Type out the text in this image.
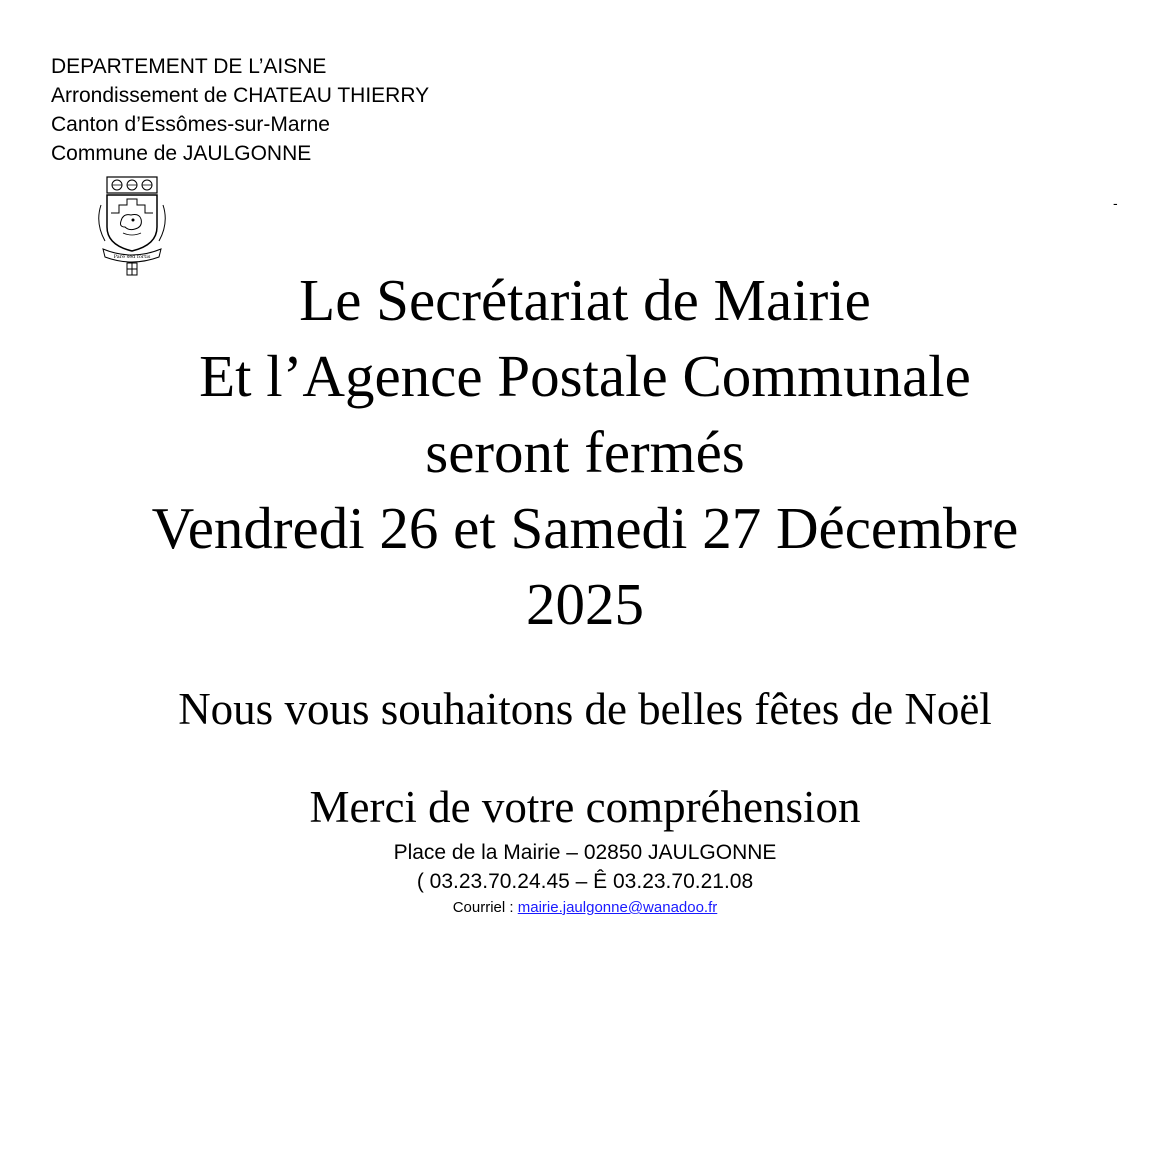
DEPARTEMENT DE L’AISNE
Arrondissement de CHATEAU THIERRY
Canton d’Essômes-sur-Marne
Commune de JAULGONNE
Pare sed fortis
-
Le Secrétariat de Mairie
Et l’Agence Postale Communale
seront fermés
Vendredi 26 et Samedi 27 Décembre
2025
Nous vous souhaitons de belles fêtes de Noël
Merci de votre compréhension
Place de la Mairie – 02850 JAULGONNE
( 03.23.70.24.45 – Ê 03.23.70.21.08
Courriel : mairie.jaulgonne@wanadoo.fr
